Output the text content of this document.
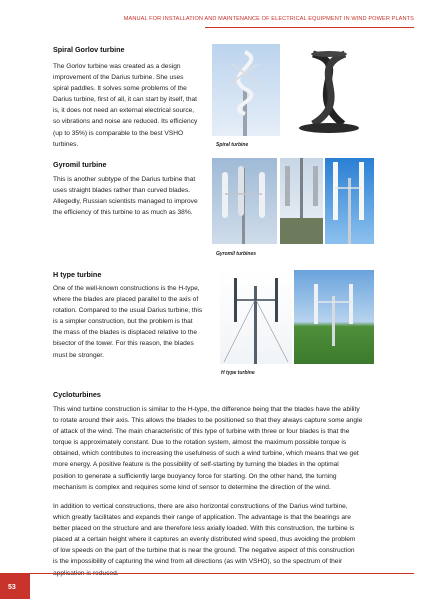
MANUAL FOR INSTALLATION AND MAINTENANCE OF ELECTRICAL EQUIPMENT IN WIND POWER PLANTS
Spiral Gorlov turbine
The Gorlov turbine was created as a design
improvement of the Darius turbine. She uses
spiral paddles. It solves some problems of the
Darius turbine, first of all, it can start by itself, that
is, it does not need an external electrical source,
so vibrations and noise are reduced. Its efficiency
(up to 35%) is comparable to the best VSHO
turbines.	Spiral turbine
Gyromil turbine
This is another subtype of the Darius turbine that
uses straight blades rather than curved blades.
Allegedly, Russian scientists managed to improve
the efficiency of this turbine to as much as 38%.
Gyromil turbines
H type turbine
One of the well-known constructions is the H-type,
where the blades are placed parallel to the axis of
rotation. Compared to the usual Darius turbine, this
is a simpler construction, but the problem is that
the mass of the blades is displaced relative to the
bisector of the tower. For this reason, the blades
must be stronger.
H type turbine
Cycloturbines
This wind turbine construction is similar to the H-type, the difference being that the blades have the ability
to rotate around their axis. This allows the blades to be positioned so that they always capture some angle
of attack of the wind. The main characteristic of this type of turbine with three or four blades is that the
torque is approximately constant. Due to the rotation system, almost the maximum possible torque is
obtained, which contributes to increasing the usefulness of such a wind turbine, which means that we get
more energy. A positive feature is the possibility of self-starting by turning the blades in the optimal
position to generate a sufficiently large buoyancy force for starting. On the other hand, the turning
mechanism is complex and requires some kind of sensor to determine the direction of the wind.
In addition to vertical constructions, there are also horizontal constructions of the Darius wind turbine,
which greatly facilitates and expands their range of application. The advantage is that the bearings are
better placed on the structure and are therefore less axially loaded. With this construction, the turbine is
placed at a certain height where it captures an evenly distributed wind speed, thus avoiding the problem
of low speeds on the part of the turbine that is near the ground. The negative aspect of this construction
is the impossibility of capturing the wind from all directions (as with VSHO), so the spectrum of their
53
